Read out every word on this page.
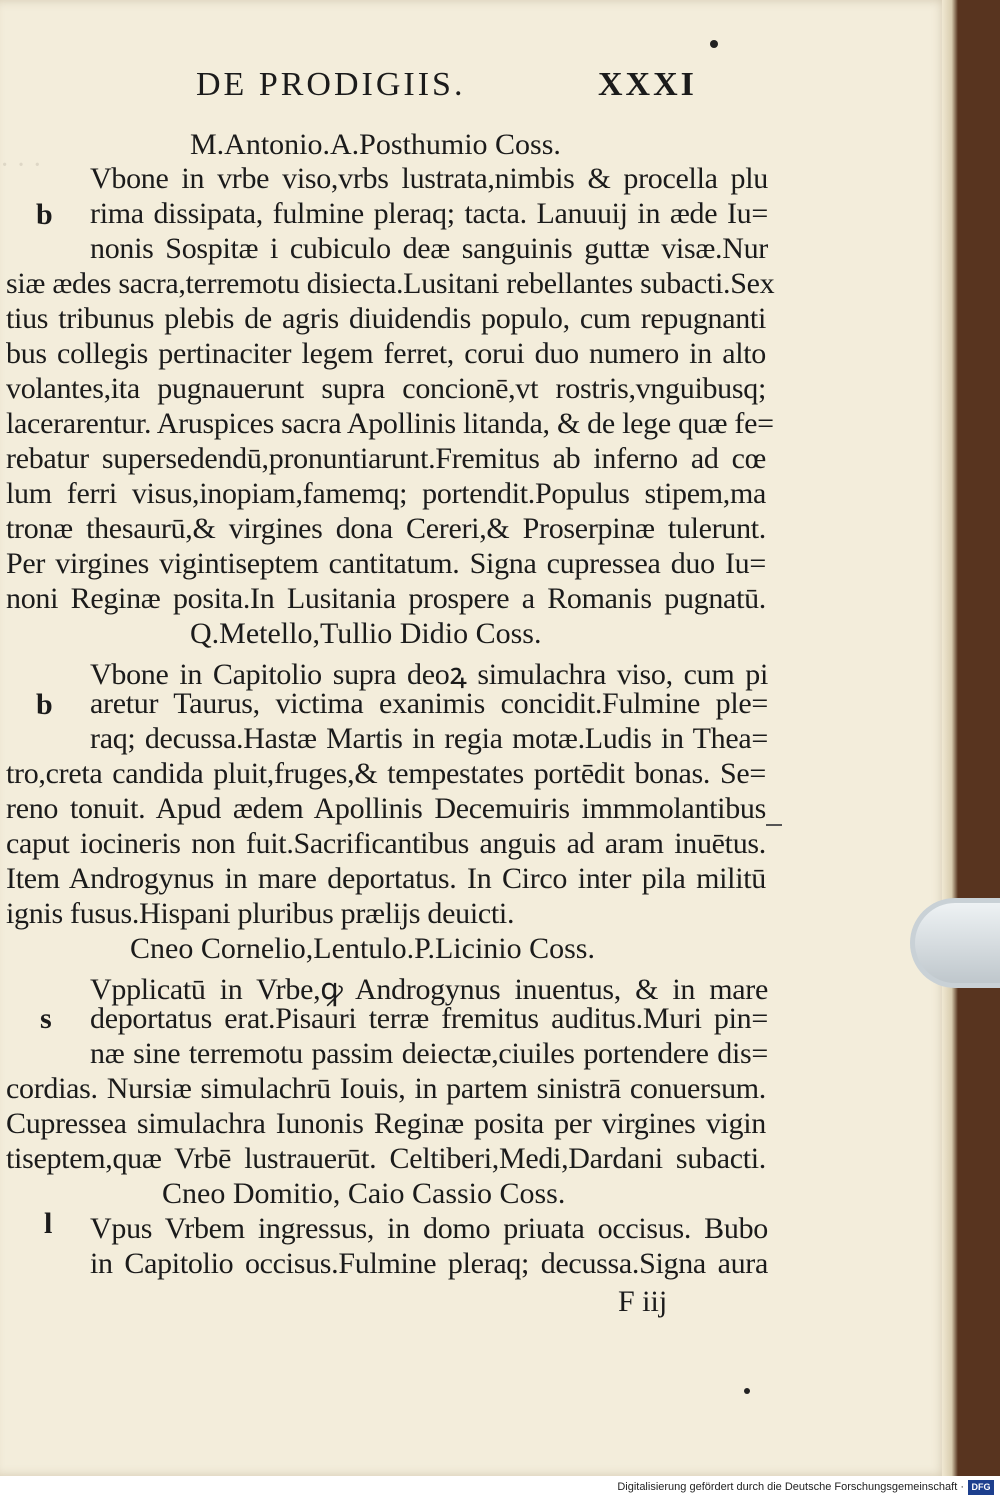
· · ·
DE PRODIGIIS.	XXXI
M.Antonio.A.Posthumio Coss.
b
Vbone in vrbe viso,vrbs lustrata,nimbis & procella plu
rima dissipata, fulmine pleraq; tacta. Lanuuij in æde Iu=
nonis Sospitæ i cubiculo deæ sanguinis guttæ visæ.Nur
siæ ædes sacra,terremotu disiecta.Lusitani rebellantes subacti.Sex
tius tribunus plebis de agris diuidendis populo, cum repugnanti
bus collegis pertinaciter legem ferret, corui duo numero in alto
volantes,ita pugnauerunt supra concionē,vt rostris,vnguibusq;
lacerarentur. Aruspices sacra Apollinis litanda, & de lege quæ fe=
rebatur supersedendū,pronuntiarunt.Fremitus ab inferno ad cœ
lum ferri visus,inopiam,famemq; portendit.Populus stipem,ma
tronæ thesaurū,& virgines dona Cereri,& Proserpinæ tulerunt.
Per virgines vigintiseptem cantitatum. Signa cupressea duo Iu=
noni Reginæ posita.In Lusitania prospere a Romanis pugnatū.
Q.Metello,Tullio Didio Coss.
b
Vbone in Capitolio supra deoꝝ simulachra viso, cum pi
aretur Taurus, victima exanimis concidit.Fulmine ple=
raq; decussa.Hastæ Martis in regia motæ.Ludis in Thea=
tro,creta candida pluit,fruges,& tempestates portēdit bonas. Se=
reno tonuit. Apud ædem Apollinis Decemuiris immmolantibus
caput iocineris non fuit.Sacrificantibus anguis ad aram inuētus.
Item Androgynus in mare deportatus. In Circo inter pila militū
ignis fusus.Hispani pluribus prælijs deuicti.
Cneo Cornelio,Lentulo.P.Licinio Coss.
s
Vpplicatū in Vrbe,ꝙ Androgynus inuentus, & in mare
deportatus erat.Pisauri terræ fremitus auditus.Muri pin=
næ sine terremotu passim deiectæ,ciuiles portendere dis=
cordias. Nursiæ simulachrū Iouis, in partem sinistrā conuersum.
Cupressea simulachra Iunonis Reginæ posita per virgines vigin
tiseptem,quæ Vrbē lustrauerūt. Celtiberi,Medi,Dardani subacti.
Cneo Domitio, Caio Cassio Coss.
l Vpus Vrbem ingressus, in domo priuata occisus. Bubo
in Capitolio occisus.Fulmine pleraq; decussa.Signa aura
F iij
Digitalisierung gefördert durch die Deutsche Forschungsgemeinschaft · DFG
